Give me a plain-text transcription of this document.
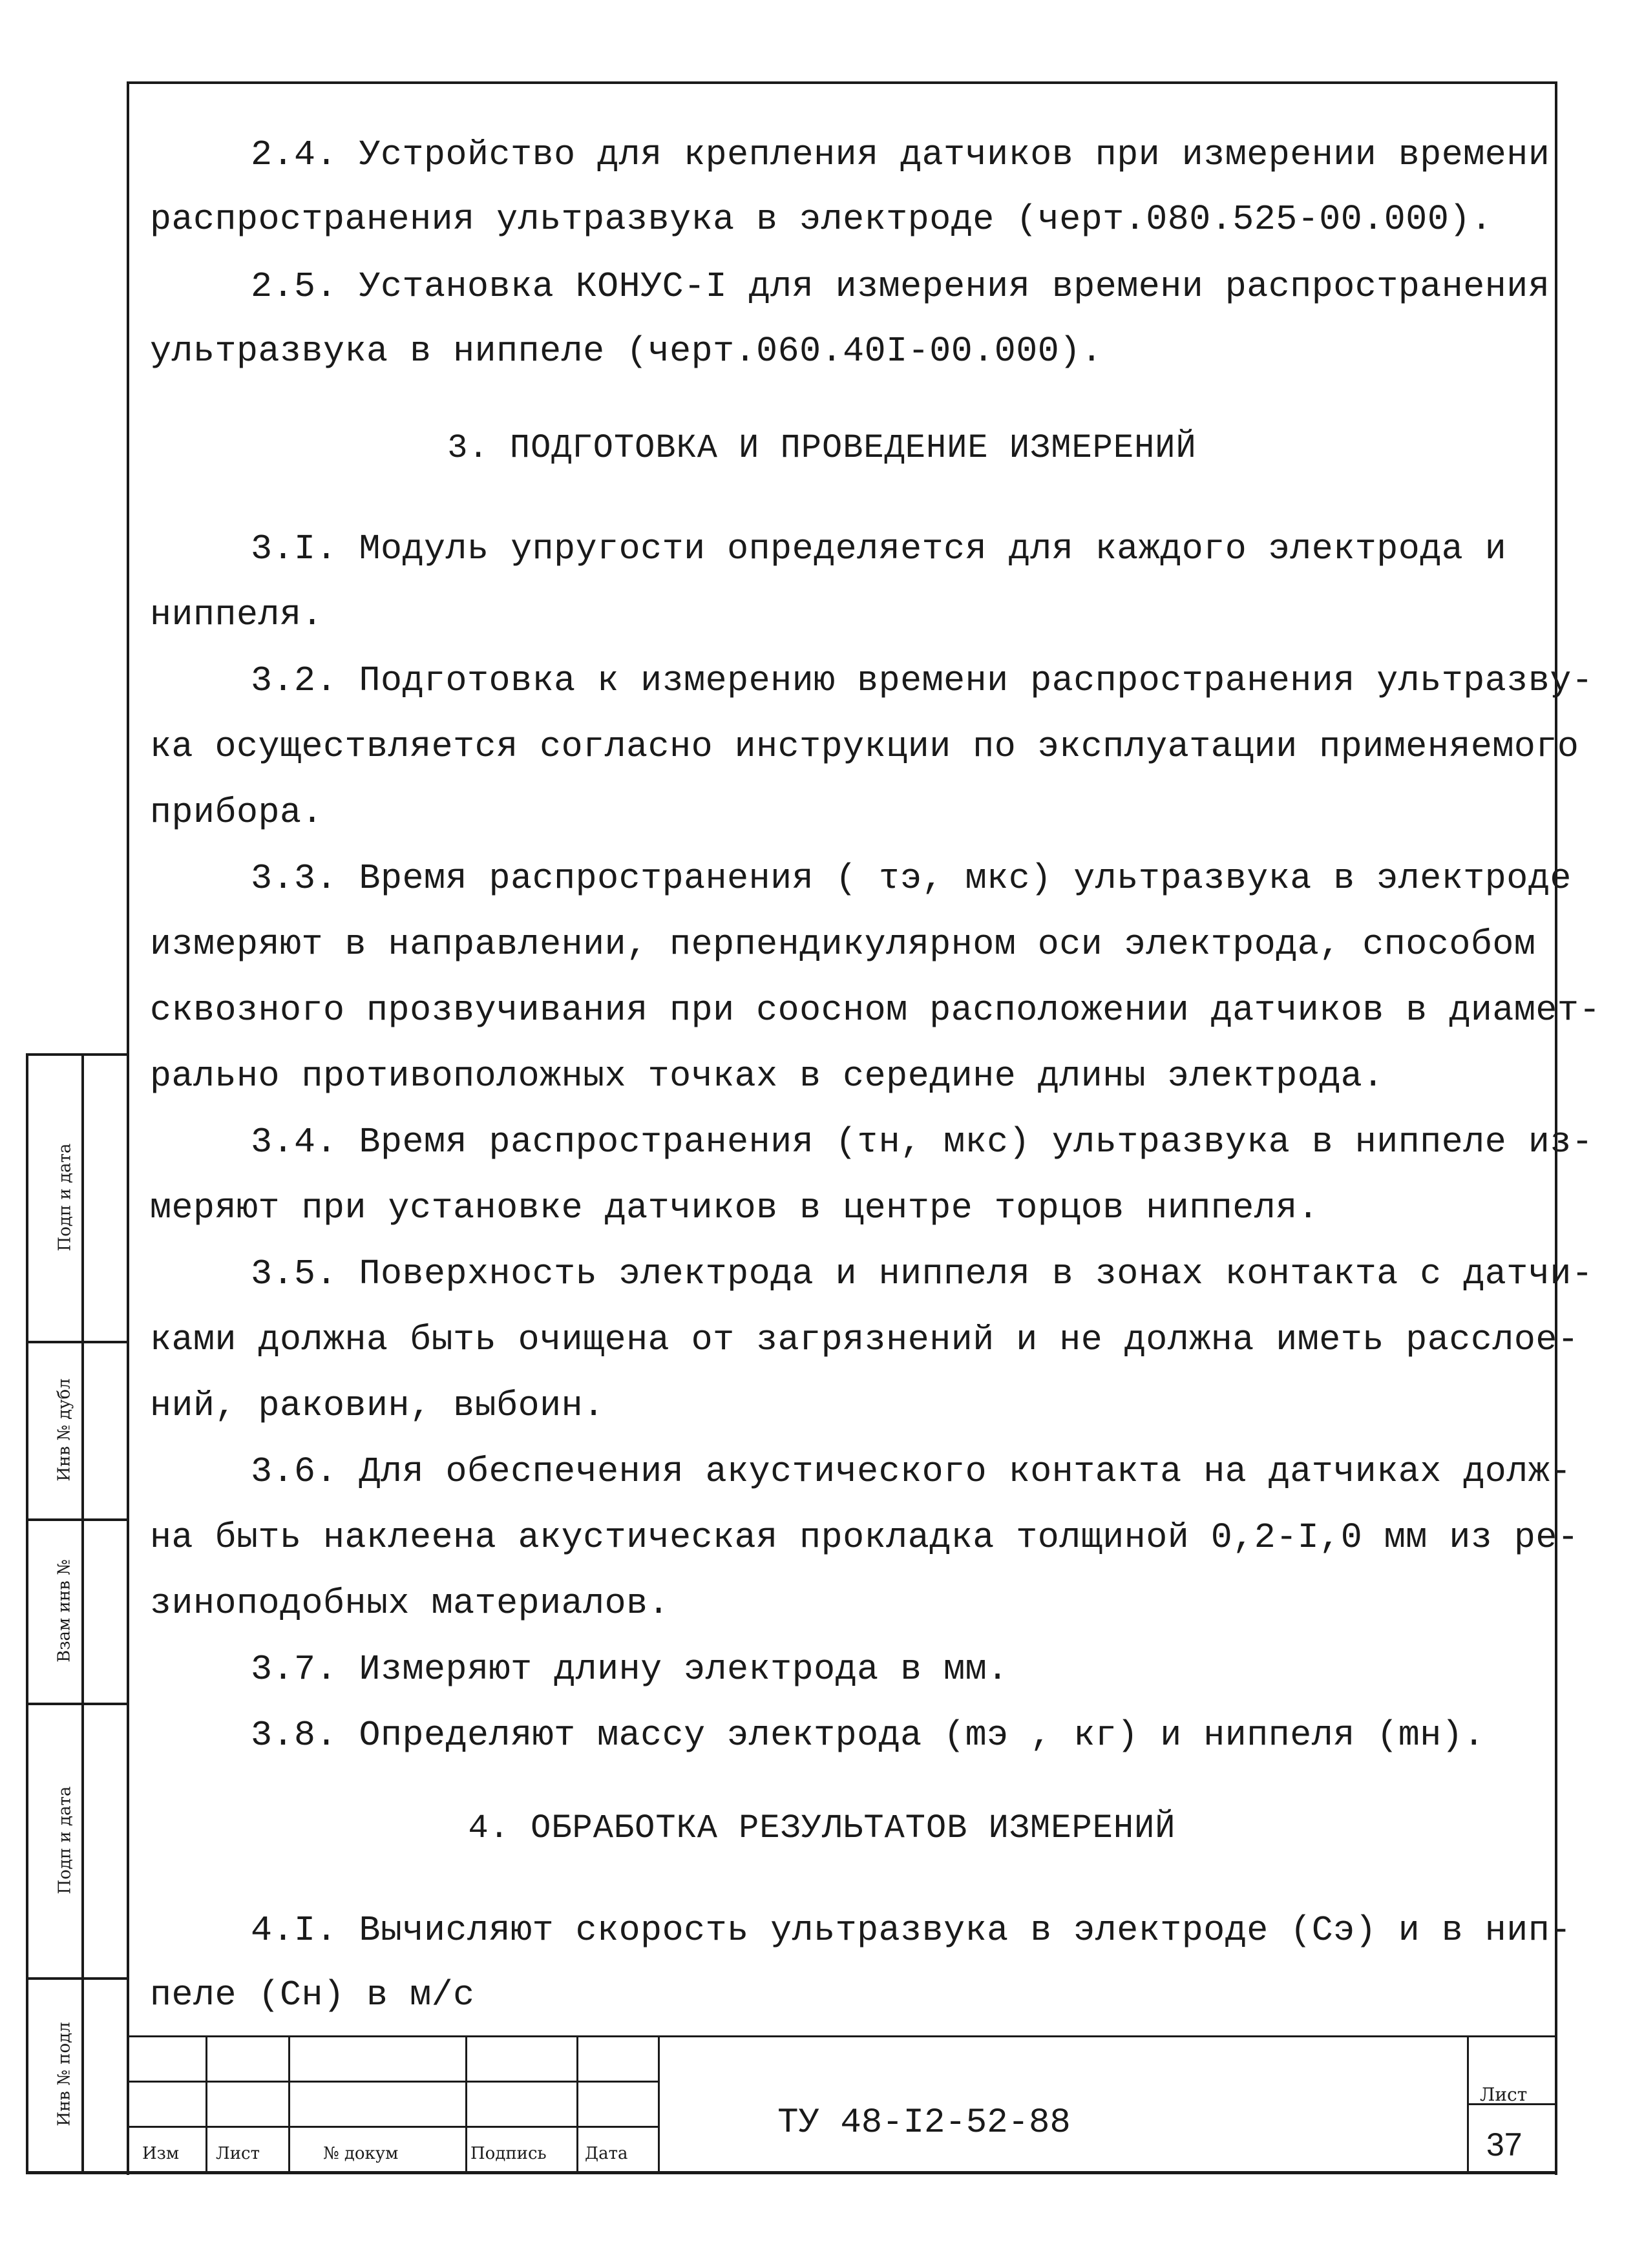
2.4. Устройство для крепления датчиков при измерении времени
распространения ультразвука в электроде (черт.080.525-00.000).
2.5. Установка КОНУС-I для измерения времени распространения
ультразвука в ниппеле (черт.060.40I-00.000).
3. ПОДГОТОВКА И ПРОВЕДЕНИЕ ИЗМЕРЕНИЙ
3.I. Модуль упругости определяется для каждого электрода и
ниппеля.
3.2. Подготовка к измерению времени распространения ультразву-
ка осуществляется согласно инструкции по эксплуатации применяемого
прибора.
3.3. Время распространения ( τэ, мкс) ультразвука в электроде
измеряют в направлении, перпендикулярном оси электрода, способом
сквозного прозвучивания при соосном расположении датчиков в диамет-
рально противоположных точках в середине длины электрода.
3.4. Время распространения (τн, мкс) ультразвука в ниппеле из-
меряют при установке датчиков в центре торцов ниппеля.
3.5. Поверхность электрода и ниппеля в зонах контакта с датчи-
ками должна быть очищена от загрязнений и не должна иметь расслое-
ний, раковин, выбоин.
3.6. Для обеспечения акустического контакта на датчиках долж-
на быть наклеена акустическая прокладка толщиной 0,2-I,0 мм из ре-
зиноподобных материалов.
3.7. Измеряют длину электрода в мм.
3.8. Определяют массу электрода (mэ , кг) и ниппеля (mн).
4. ОБРАБОТКА РЕЗУЛЬТАТОВ ИЗМЕРЕНИЙ
4.I. Вычисляют скорость ультразвука в электроде (Cэ) и в нип-
пеле (Cн) в м/с
Подп и дата
Инв № дубл
Взам инв №
Подп и дата
Инв № подл
Изм Лист	№ докум	Подпись Дата
ТУ 48-I2-52-88
Лист
37
